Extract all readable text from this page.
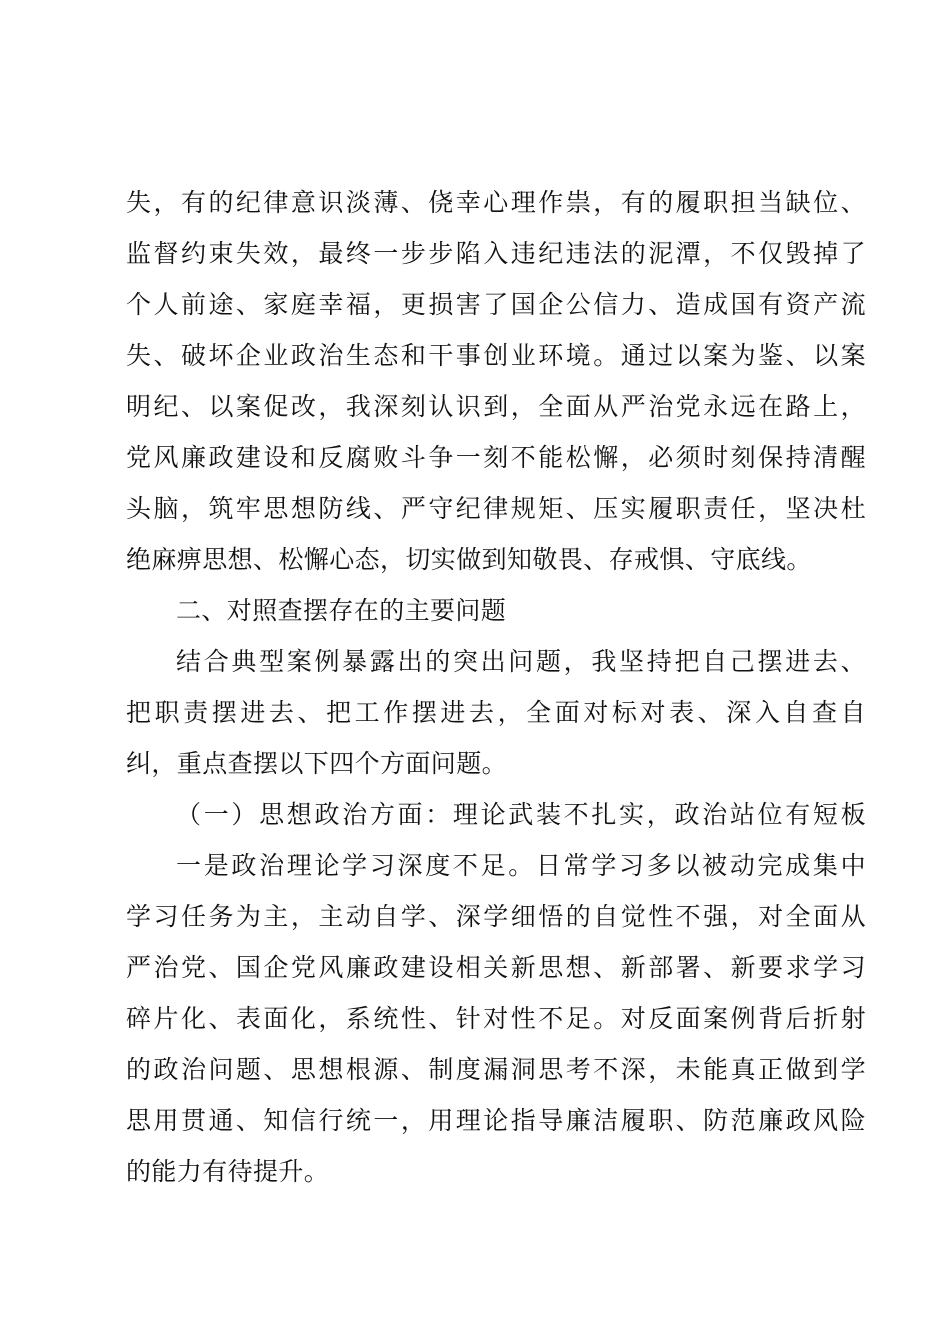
失，有的纪律意识淡薄、侥幸心理作祟，有的履职担当缺位、
监督约束失效，最终一步步陷入违纪违法的泥潭，不仅毁掉了
个人前途、家庭幸福，更损害了国企公信力、造成国有资产流
失、破坏企业政治生态和干事创业环境。通过以案为鉴、以案
明纪、以案促改，我深刻认识到，全面从严治党永远在路上，
党风廉政建设和反腐败斗争一刻不能松懈，必须时刻保持清醒
头脑，筑牢思想防线、严守纪律规矩、压实履职责任，坚决杜
绝麻痹思想、松懈心态，切实做到知敬畏、存戒惧、守底线。
二、对照查摆存在的主要问题
结合典型案例暴露出的突出问题，我坚持把自己摆进去、
把职责摆进去、把工作摆进去，全面对标对表、深入自查自
纠，重点查摆以下四个方面问题。
（一）思想政治方面：理论武装不扎实，政治站位有短板
一是政治理论学习深度不足。日常学习多以被动完成集中
学习任务为主，主动自学、深学细悟的自觉性不强，对全面从
严治党、国企党风廉政建设相关新思想、新部署、新要求学习
碎片化、表面化，系统性、针对性不足。对反面案例背后折射
的政治问题、思想根源、制度漏洞思考不深，未能真正做到学
思用贯通、知信行统一，用理论指导廉洁履职、防范廉政风险
的能力有待提升。
